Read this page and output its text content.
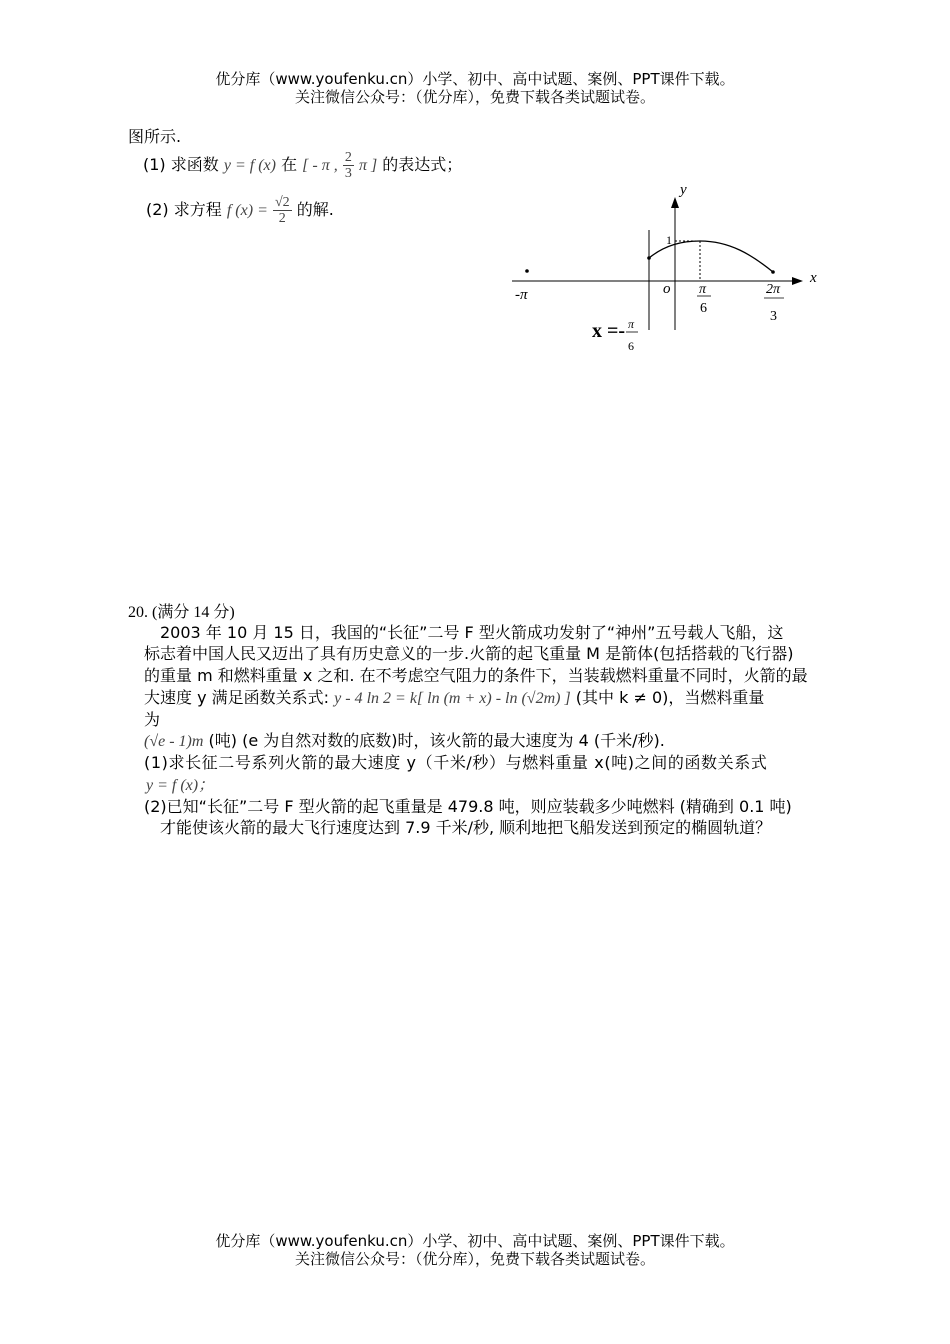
优分库（www.youfenku.cn）小学、初中、高中试题、案例、PPT课件下载。
关注微信公众号：（优分库），免费下载各类试题试卷。
图所示.
(1) 求函数 y = f (x) 在 [ - π , $\frac{2}{3}$ π ] 的表达式；
(2) 求方程 f $(x) = \frac{√2}{2}$ 的解.
x
y
o
1
-π	π
6
2π
3
x =- π
6
20. (满分 14 分)
2003 年 10 月 15 日，我国的“长征”二号 F 型火箭成功发射了“神州”五号载人飞船，这
标志着中国人民又迈出了具有历史意义的一步.火箭的起飞重量 M 是箭体(包括搭载的飞行器)
的重量 m 和燃料重量 x 之和. 在不考虑空气阻力的条件下，当装载燃料重量不同时，火箭的最
大速度 y 满足函数关系式: y - 4 ln 2 = k[ ln (m + x) - ln (√2m) ] (其中 k ≠ 0)，当燃料重量
为
(√e - 1)m (吨) (e 为自然对数的底数)时，该火箭的最大速度为 4 (千米/秒).
(1)求长征二号系列火箭的最大速度 y（千米/秒）与燃料重量 x(吨)之间的函数关系式
y = f (x)；
(2)已知“长征”二号 F 型火箭的起飞重量是 479.8 吨，则应装载多少吨燃料 (精确到 0.1 吨)
才能使该火箭的最大飞行速度达到 7.9 千米/秒, 顺利地把飞船发送到预定的椭圆轨道？
优分库（www.youfenku.cn）小学、初中、高中试题、案例、PPT课件下载。
关注微信公众号：（优分库），免费下载各类试题试卷。
